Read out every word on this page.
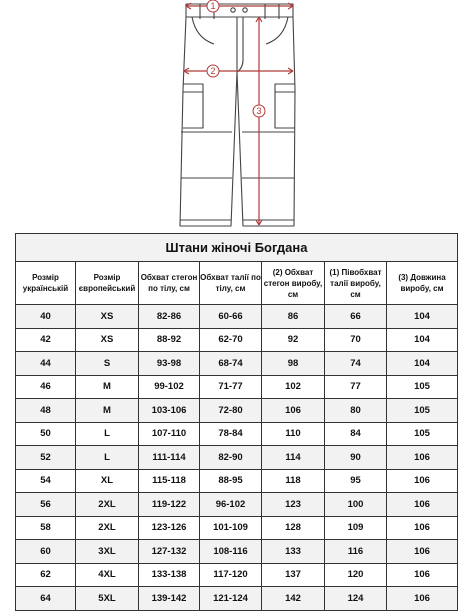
1
2
3
Штани жіночі Богдана						
Розмір українській	Розмір європейський	Обхват стегон по тілу, см	Обхват талії по тілу, см	(2) Обхват стегон виробу, см	(1) Півобхват талії виробу, см	(3) Довжина виробу, см
40	XS	82-86	60-66	86	66	104
42	XS	88-92	62-70	92	70	104
44	S	93-98	68-74	98	74	104
46	M	99-102	71-77	102	77	105
48	M	103-106	72-80	106	80	105
50	L	107-110	78-84	110	84	105
52	L	111-114	82-90	114	90	106
54	XL	115-118	88-95	118	95	106
56	2XL	119-122	96-102	123	100	106
58	2XL	123-126	101-109	128	109	106
60	3XL	127-132	108-116	133	116	106
62	4XL	133-138	117-120	137	120	106
64	5XL	139-142	121-124	142	124	106
